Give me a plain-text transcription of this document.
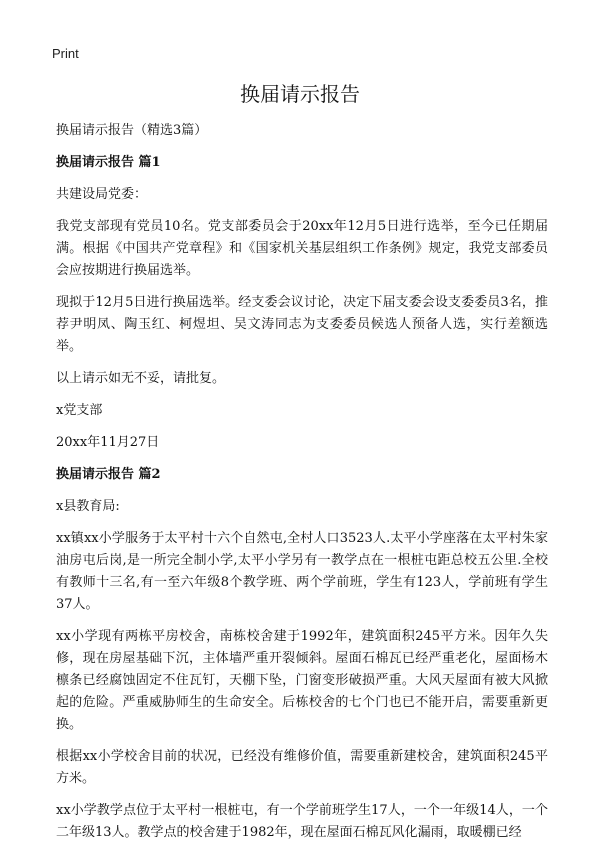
Print
换届请示报告

换届请示报告（精选3篇）

换届请示报告 篇1

共建设局党委：

我党支部现有党员10名。党支部委员会于20xx年12月5日进行选举，至今已任期届满。根据《中国共产党章程》和《国家机关基层组织工作条例》规定，我党支部委员会应按期进行换届选举。

现拟于12月5日进行换届选举。经支委会议讨论，决定下届支委会设支委委员3名，推荐尹明凤、陶玉红、柯煜坦、吴文涛同志为支委委员候选人预备人选，实行差额选举。

以上请示如无不妥，请批复。

x党支部

20xx年11月27日

换届请示报告 篇2

x县教育局:

xx镇xx小学服务于太平村十六个自然屯,全村人口3523人.太平小学座落在太平村朱家油房屯后岗,是一所完全制小学,太平小学另有一教学点在一根桩屯距总校五公里.全校有教师十三名,有一至六年级8个教学班、两个学前班，学生有123人，学前班有学生37人。

xx小学现有两栋平房校舍，南栋校舍建于1992年，建筑面积245平方米。因年久失修，现在房屋基础下沉，主体墙严重开裂倾斜。屋面石棉瓦已经严重老化，屋面杨木檩条已经腐蚀固定不住瓦钉，天棚下坠，门窗变形破损严重。大风天屋面有被大风掀起的危险。严重威胁师生的生命安全。后栋校舍的七个门也已不能开启，需要重新更换。

根据xx小学校舍目前的状况，已经没有维修价值，需要重新建校舍，建筑面积245平方米。

xx小学教学点位于太平村一根桩屯，有一个学前班学生17人，一个一年级14人，一个二年级13人。教学点的校舍建于1982年，现在屋面石棉瓦风化漏雨，取暖棚已经
